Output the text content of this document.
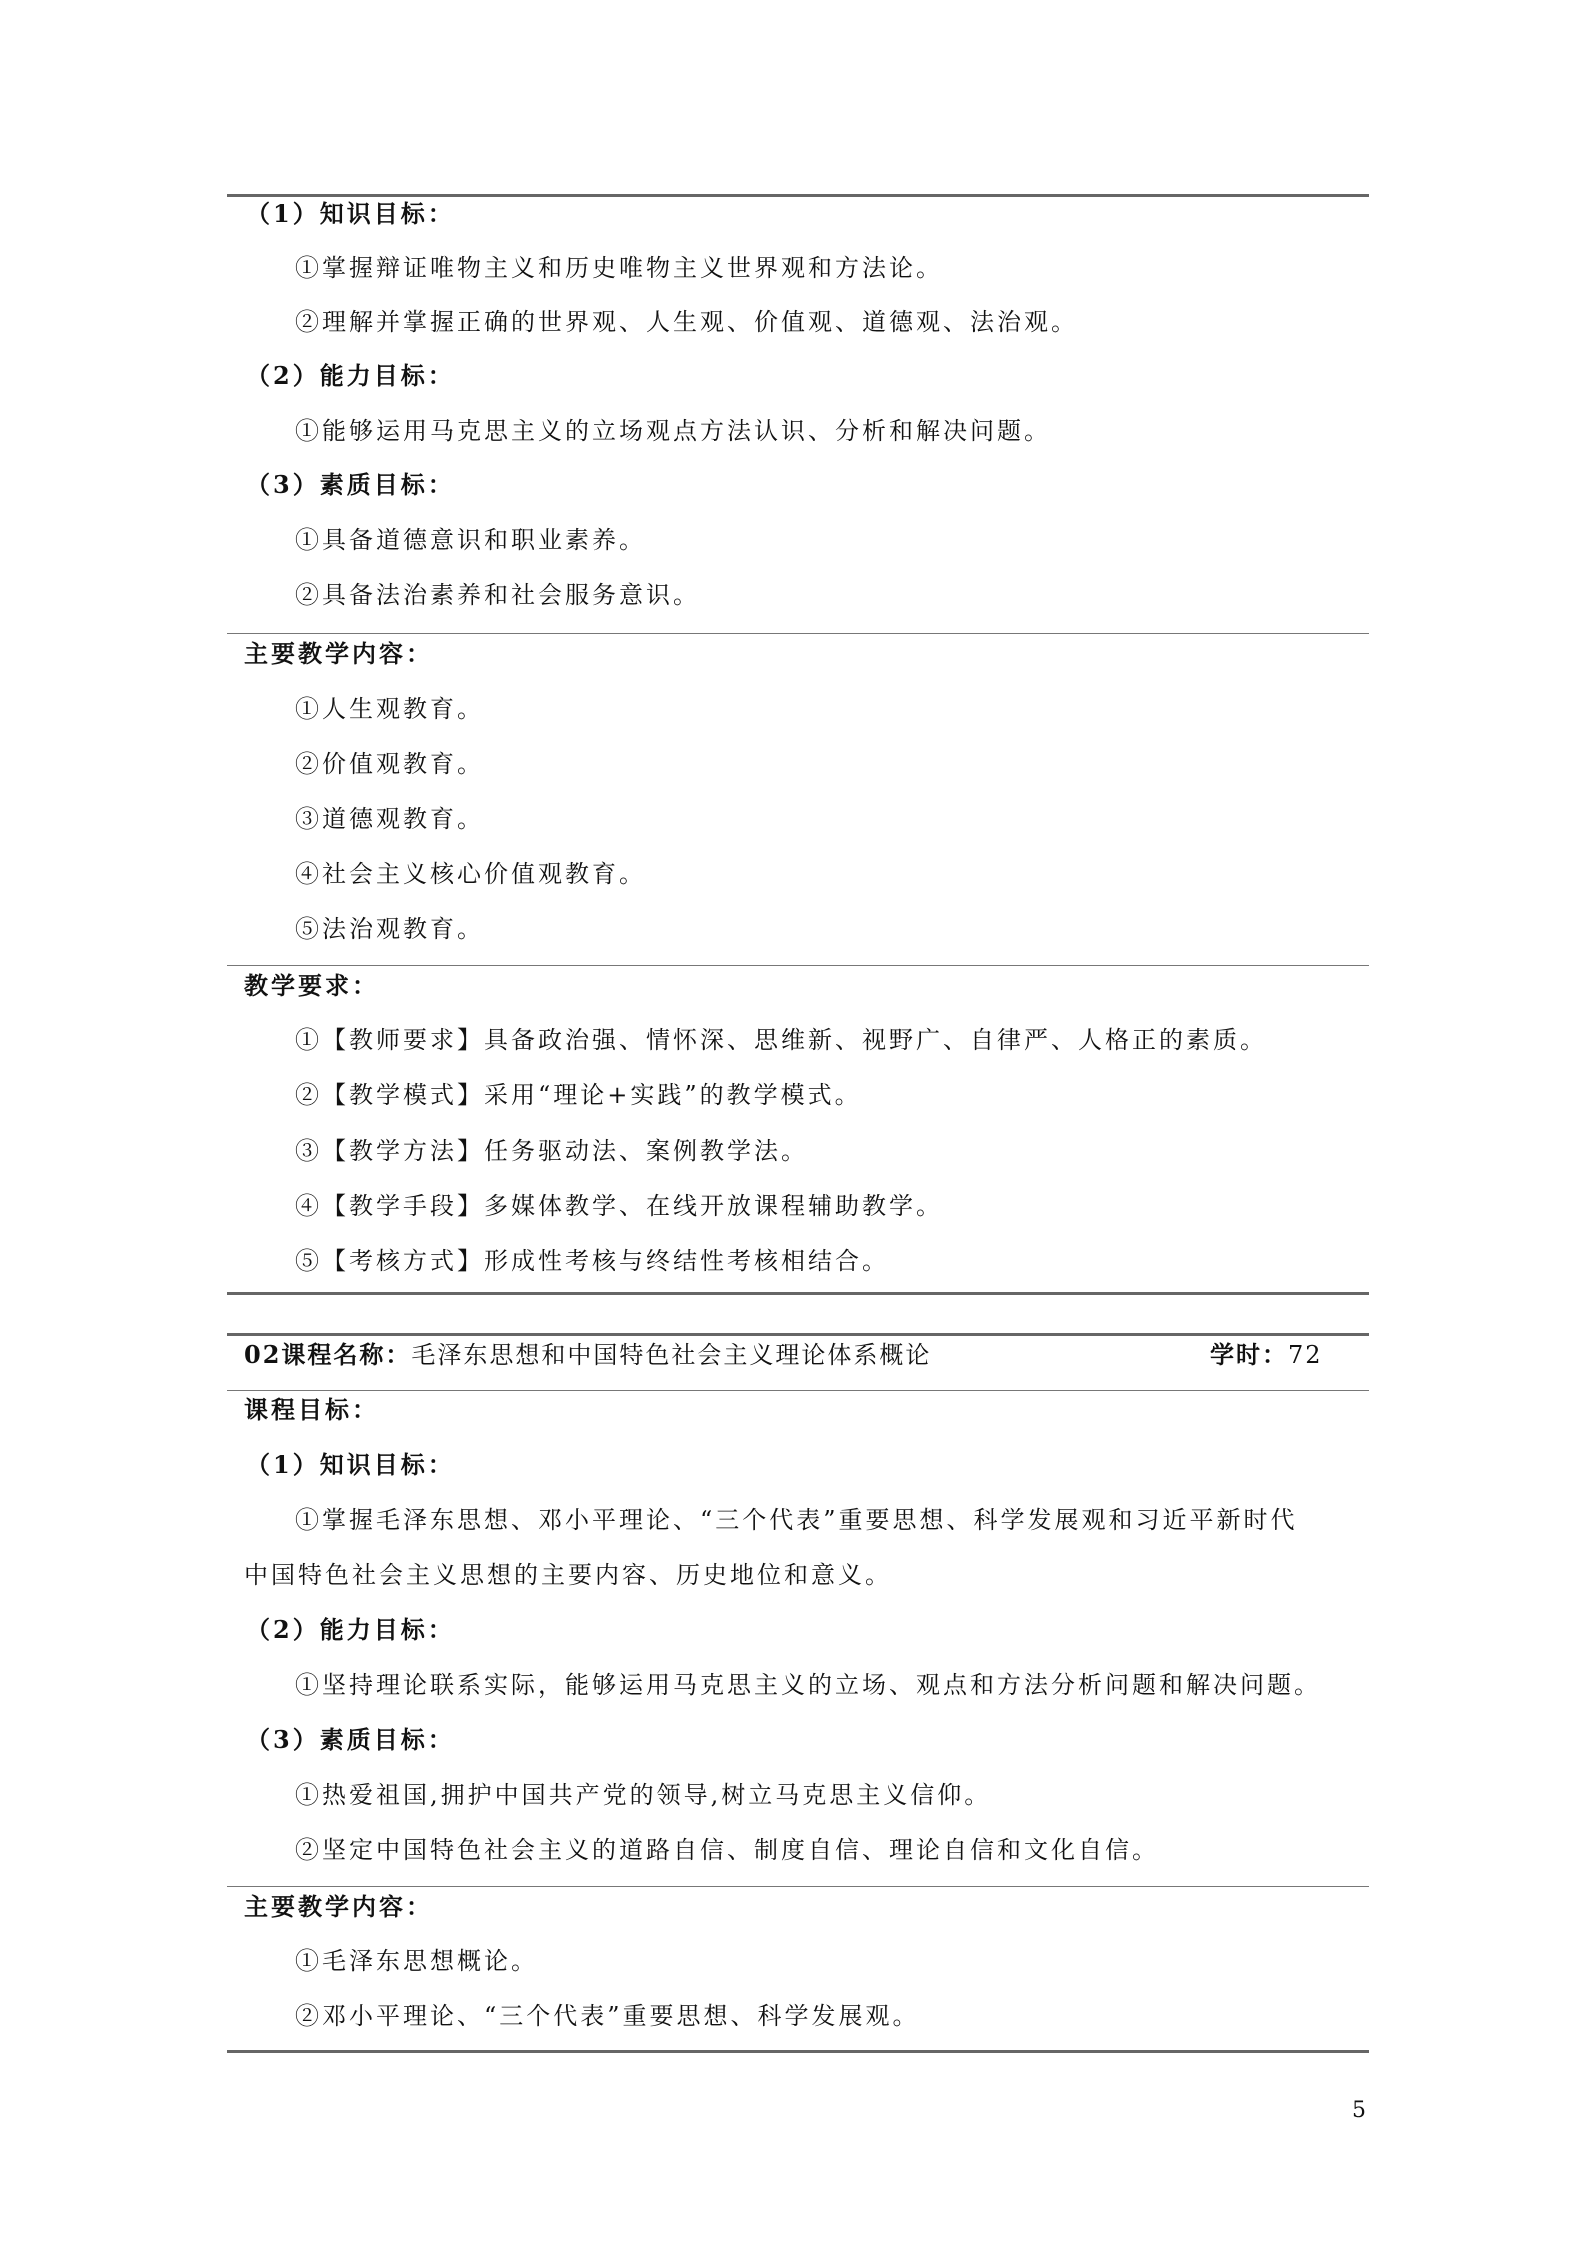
（1）知识目标：
①掌握辩证唯物主义和历史唯物主义世界观和方法论。
②理解并掌握正确的世界观、人生观、价值观、道德观、法治观。
（2）能力目标：
①能够运用马克思主义的立场观点方法认识、分析和解决问题。
（3）素质目标：
①具备道德意识和职业素养。
②具备法治素养和社会服务意识。
主要教学内容：
①人生观教育。
②价值观教育。
③道德观教育。
④社会主义核心价值观教育。
⑤法治观教育。
教学要求：
①【教师要求】具备政治强、情怀深、思维新、视野广、自律严、人格正的素质。
②【教学模式】采用“理论+实践”的教学模式。
③【教学方法】任务驱动法、案例教学法。
④【教学手段】多媒体教学、在线开放课程辅助教学。
⑤【考核方式】形成性考核与终结性考核相结合。
02课程名称：毛泽东思想和中国特色社会主义理论体系概论	学时：72
课程目标：
（1）知识目标：
①掌握毛泽东思想、邓小平理论、“三个代表”重要思想、科学发展观和习近平新时代
中国特色社会主义思想的主要内容、历史地位和意义。
（2）能力目标：
①坚持理论联系实际，能够运用马克思主义的立场、观点和方法分析问题和解决问题。
（3）素质目标：
①热爱祖国,拥护中国共产党的领导,树立马克思主义信仰。
②坚定中国特色社会主义的道路自信、制度自信、理论自信和文化自信。
主要教学内容：
①毛泽东思想概论。
②邓小平理论、“三个代表”重要思想、科学发展观。
5
